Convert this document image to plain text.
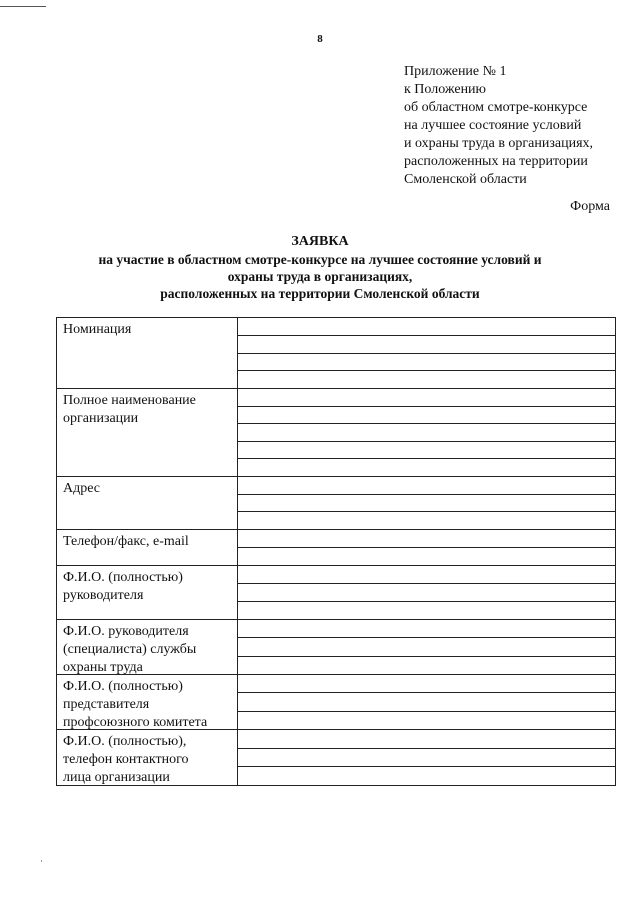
8
Приложение № 1
к Положению
об областном смотре-конкурсе
на лучшее состояние условий
и охраны труда в организациях,
расположенных на территории
Смоленской области
Форма
ЗАЯВКА
на участие в областном смотре-конкурсе на лучшее состояние условий и
охраны труда в организациях,
расположенных на территории Смоленской области
Номинация
Полное наименование
организации
Адрес
Телефон/факс, e-mail
Ф.И.О. (полностью)
руководителя
Ф.И.О. руководителя
(специалиста) службы
охраны труда
Ф.И.О. (полностью)
представителя
профсоюзного комитета
Ф.И.О. (полностью),
телефон контактного
лица организации
